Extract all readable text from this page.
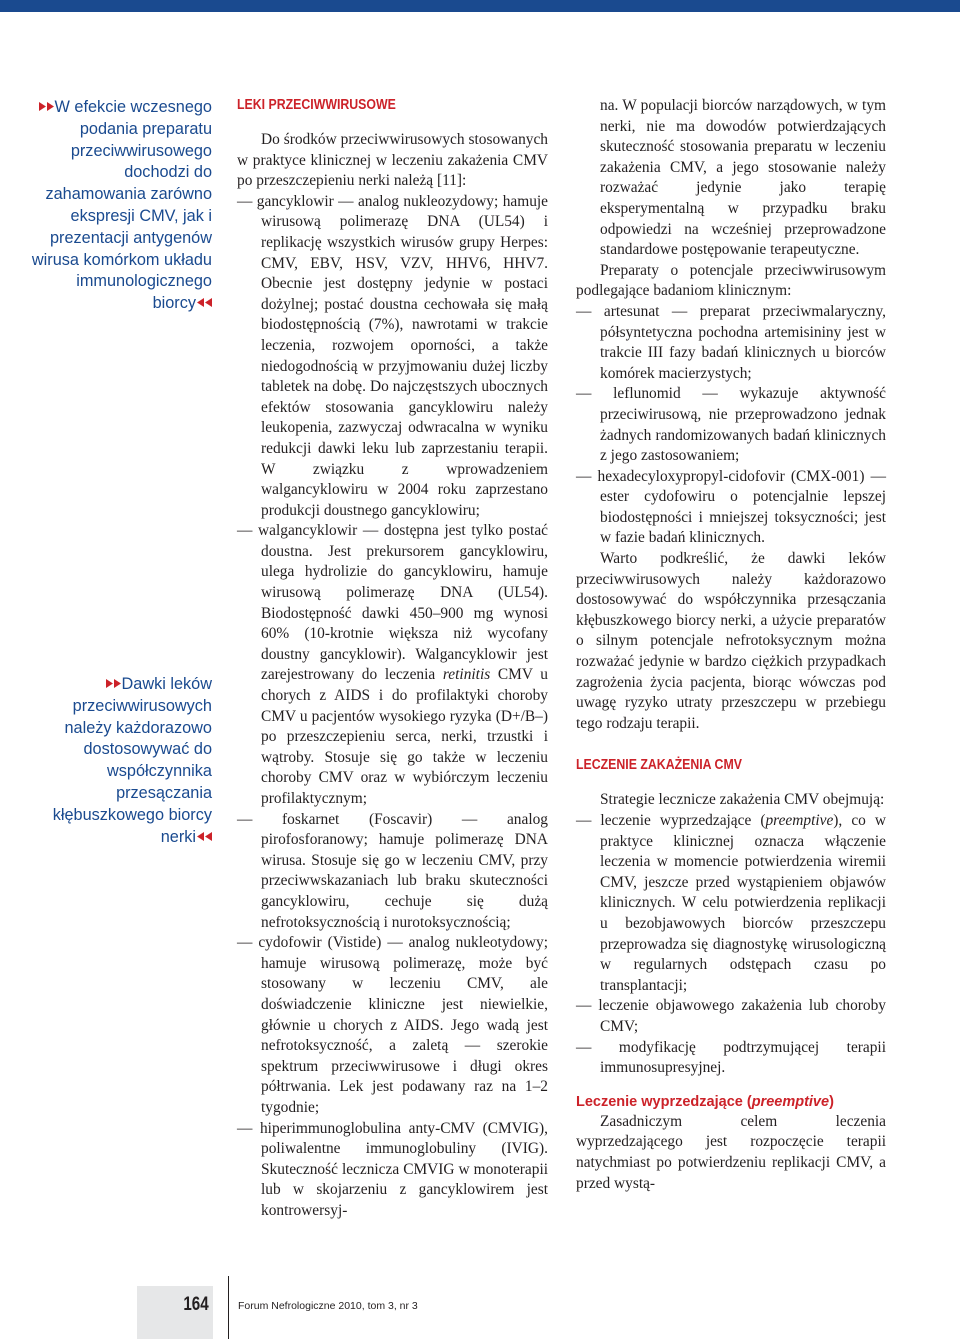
W efekcie wczesnego podania preparatu przeciwwirusowego dochodzi do zahamowania zarówno ekspresji CMV, jak i prezentacji antygenów wirusa komórkom układu immunologicznego biorcy

Dawki leków przeciwwirusowych należy każdorazowo dostosowywać do współczynnika przesączania kłębuszkowego biorcy nerki

LEKI PRZECIWWIRUSOWE

Do środków przeciwwirusowych stosowanych w praktyce klinicznej w leczeniu zakażenia CMV po przeszczepieniu nerki należą [11]:

— gancyklowir — analog nukleozydowy; hamuje wirusową polimerazę DNA (UL54) i replikację wszystkich wirusów grupy Herpes: CMV, EBV, HSV, VZV, HHV6, HHV7. Obecnie jest dostępny jedynie w postaci dożylnej; postać doustna cechowała się małą biodostępnością (7%), nawrotami w trakcie leczenia, rozwojem oporności, a także niedogodnością w przyjmowaniu dużej liczby tabletek na dobę. Do najczęstszych ubocznych efektów stosowania gancyklowiru należy leukopenia, zazwyczaj odwracalna w wyniku redukcji dawki leku lub zaprzestaniu terapii. W związku z wprowadzeniem walgancyklowiru w 2004 roku zaprzestano produkcji doustnego gancyklowiru;

— walgancyklowir — dostępna jest tylko postać doustna. Jest prekursorem gancyklowiru, ulega hydrolizie do gancyklowiru, hamuje wirusową polimerazę DNA (UL54). Biodostępność dawki 450–900 mg wynosi 60% (10-krotnie większa niż wycofany doustny gancyklowir). Walgancyklowir jest zarejestrowany do leczenia retinitis CMV u chorych z AIDS i do profilaktyki choroby CMV u pacjentów wysokiego ryzyka (D+/B–) po przeszczepieniu serca, nerki, trzustki i wątroby. Stosuje się go także w leczeniu choroby CMV oraz w wybiórczym leczeniu profilaktycznym;

— foskarnet (Foscavir) — analog pirofosforanowy; hamuje polimerazę DNA wirusa. Stosuje się go w leczeniu CMV, przy przeciwwskazaniach lub braku skuteczności gancyklowiru, cechuje się dużą nefrotoksycznością i nurotoksycznością;

— cydofowir (Vistide) — analog nukleotydowy; hamuje wirusową polimerazę, może być stosowany w leczeniu CMV, ale doświadczenie kliniczne jest niewielkie, głównie u chorych z AIDS. Jego wadą jest nefrotoksyczność, a zaletą — szerokie spektrum przeciwwirusowe i długi okres półtrwania. Lek jest podawany raz na 1–2 tygodnie;

— hiperimmunoglobulina anty-CMV (CMVIG), poliwalentne immunoglobuliny (IVIG). Skuteczność lecznicza CMVIG w monoterapii lub w skojarzeniu z gancyklowirem jest kontrowersyj-

na. W populacji biorców narządowych, w tym nerki, nie ma dowodów potwierdzających skuteczność stosowania preparatu w leczeniu zakażenia CMV, a jego stosowanie należy rozważać jedynie jako terapię eksperymentalną w przypadku braku odpowiedzi na wcześniej przeprowadzone standardowe postępowanie terapeutyczne.

Preparaty o potencjale przeciwwirusowym podlegające badaniom klinicznym:

— artesunat — preparat przeciwmalaryczny, półsyntetyczna pochodna artemisininy jest w trakcie III fazy badań klinicznych u biorców komórek macierzystych;

— leflunomid — wykazuje aktywność przeciwirusową, nie przeprowadzono jednak żadnych randomizowanych badań klinicznych z jego zastosowaniem;

— hexadecyloxypropyl-cidofovir (CMX-001) — ester cydofowiru o potencjalnie lepszej biodostępności i mniejszej toksyczności; jest w fazie badań klinicznych.

Warto podkreślić, że dawki leków przeciwwirusowych należy każdorazowo dostosowywać do współczynnika przesączania kłębuszkowego biorcy nerki, a użycie preparatów o silnym potencjale nefrotoksycznym można rozważać jedynie w bardzo ciężkich przypadkach zagrożenia życia pacjenta, biorąc wówczas pod uwagę ryzyko utraty przeszczepu w przebiegu tego rodzaju terapii.

LECZENIE ZAKAŻENIA CMV

Strategie lecznicze zakażenia CMV obejmują:

— leczenie wyprzedzające (preemptive), co w praktyce klinicznej oznacza włączenie leczenia w momencie potwierdzenia wiremii CMV, jeszcze przed wystąpieniem objawów klinicznych. W celu potwierdzenia replikacji u bezobjawowych biorców przeszczepu przeprowadza się diagnostykę wirusologiczną w regularnych odstępach czasu po transplantacji;

— leczenie objawowego zakażenia lub choroby CMV;

— modyfikację podtrzymującej terapii immunosupresyjnej.

Leczenie wyprzedzające (preemptive)

Zasadniczym celem leczenia wyprzedzającego jest rozpoczęcie terapii natychmiast po potwierdzeniu replikacji CMV, a przed wystą-

164	Forum Nefrologiczne 2010, tom 3, nr 3
